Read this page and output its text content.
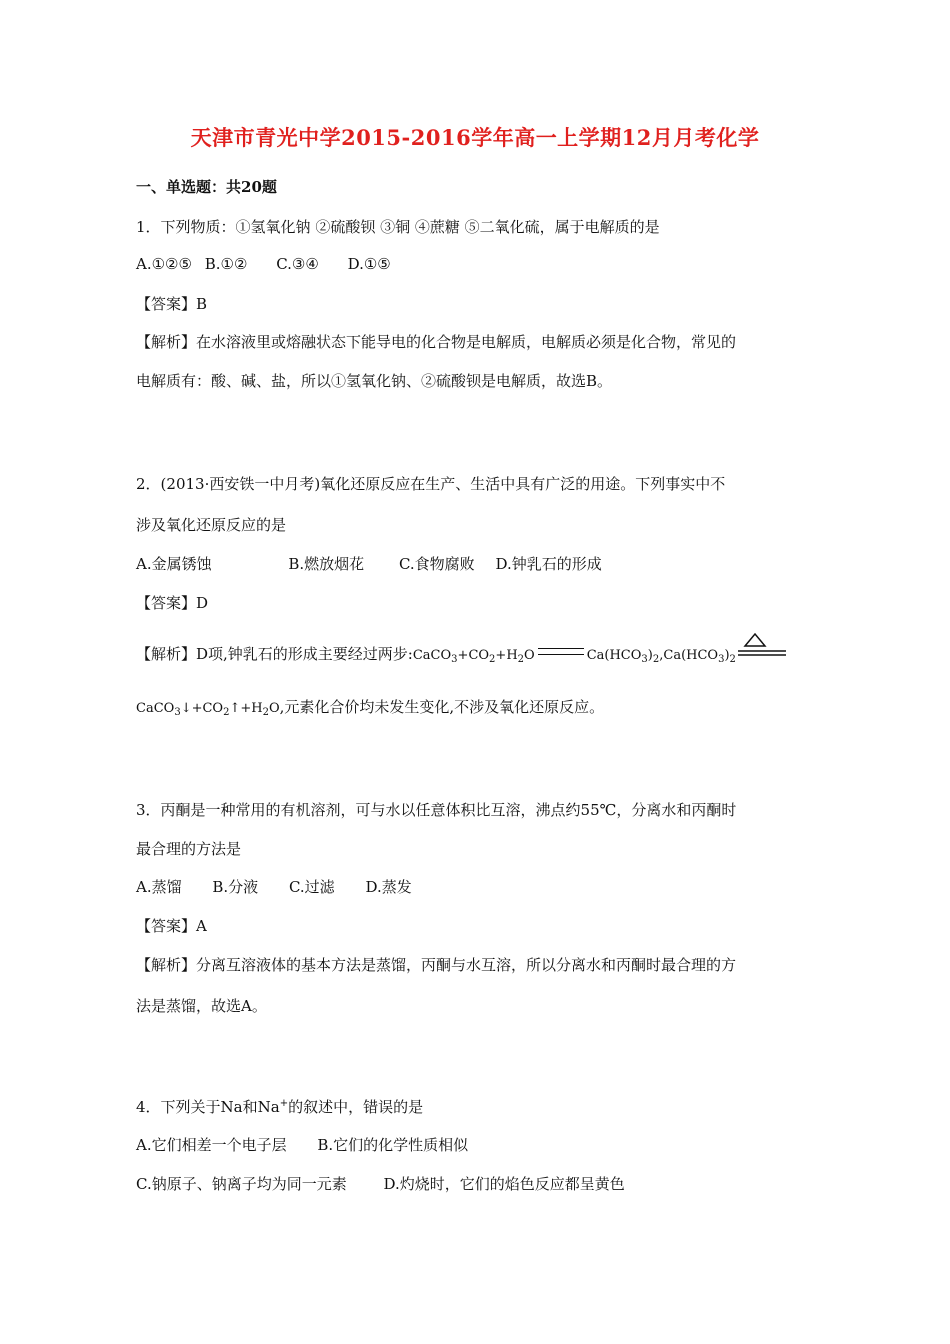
天津市青光中学2015-2016学年高一上学期12月月考化学
一、单选题：共20题
1．下列物质：①氢氧化钠 ②硫酸钡 ③铜 ④蔗糖 ⑤二氧化硫，属于电解质的是
A.①②⑤ B.①② C.③④ D.①⑤
【答案】B
【解析】在水溶液里或熔融状态下能导电的化合物是电解质，电解质必须是化合物，常见的
电解质有：酸、碱、盐，所以①氢氧化钠、②硫酸钡是电解质，故选B。
2．(2013·西安铁一中月考)氧化还原反应在生产、生活中具有广泛的用途。下列事实中不
涉及氧化还原反应的是
A.金属锈蚀	B.燃放烟花 C.食物腐败 D.钟乳石的形成
【答案】D
【解析】D项,钟乳石的形成主要经过两步$:CaCO_3+CO_2+H_2O$	$Ca(HCO_3)_2,Ca(HCO_3)_2$
$CaCO_3↓+CO_2↑+H_2O$,元素化合价均未发生变化,不涉及氧化还原反应。
3．丙酮是一种常用的有机溶剂，可与水以任意体积比互溶，沸点约55℃，分离水和丙酮时
最合理的方法是
A.蒸馏 B.分液 C.过滤 D.蒸发
【答案】A
【解析】分离互溶液体的基本方法是蒸馏，丙酮与水互溶，所以分离水和丙酮时最合理的方
法是蒸馏，故选A。
4．下列关于Na和Na+的叙述中，错误的是
A.它们相差一个电子层 B.它们的化学性质相似
C.钠原子、钠离子均为同一元素 D.灼烧时，它们的焰色反应都呈黄色
